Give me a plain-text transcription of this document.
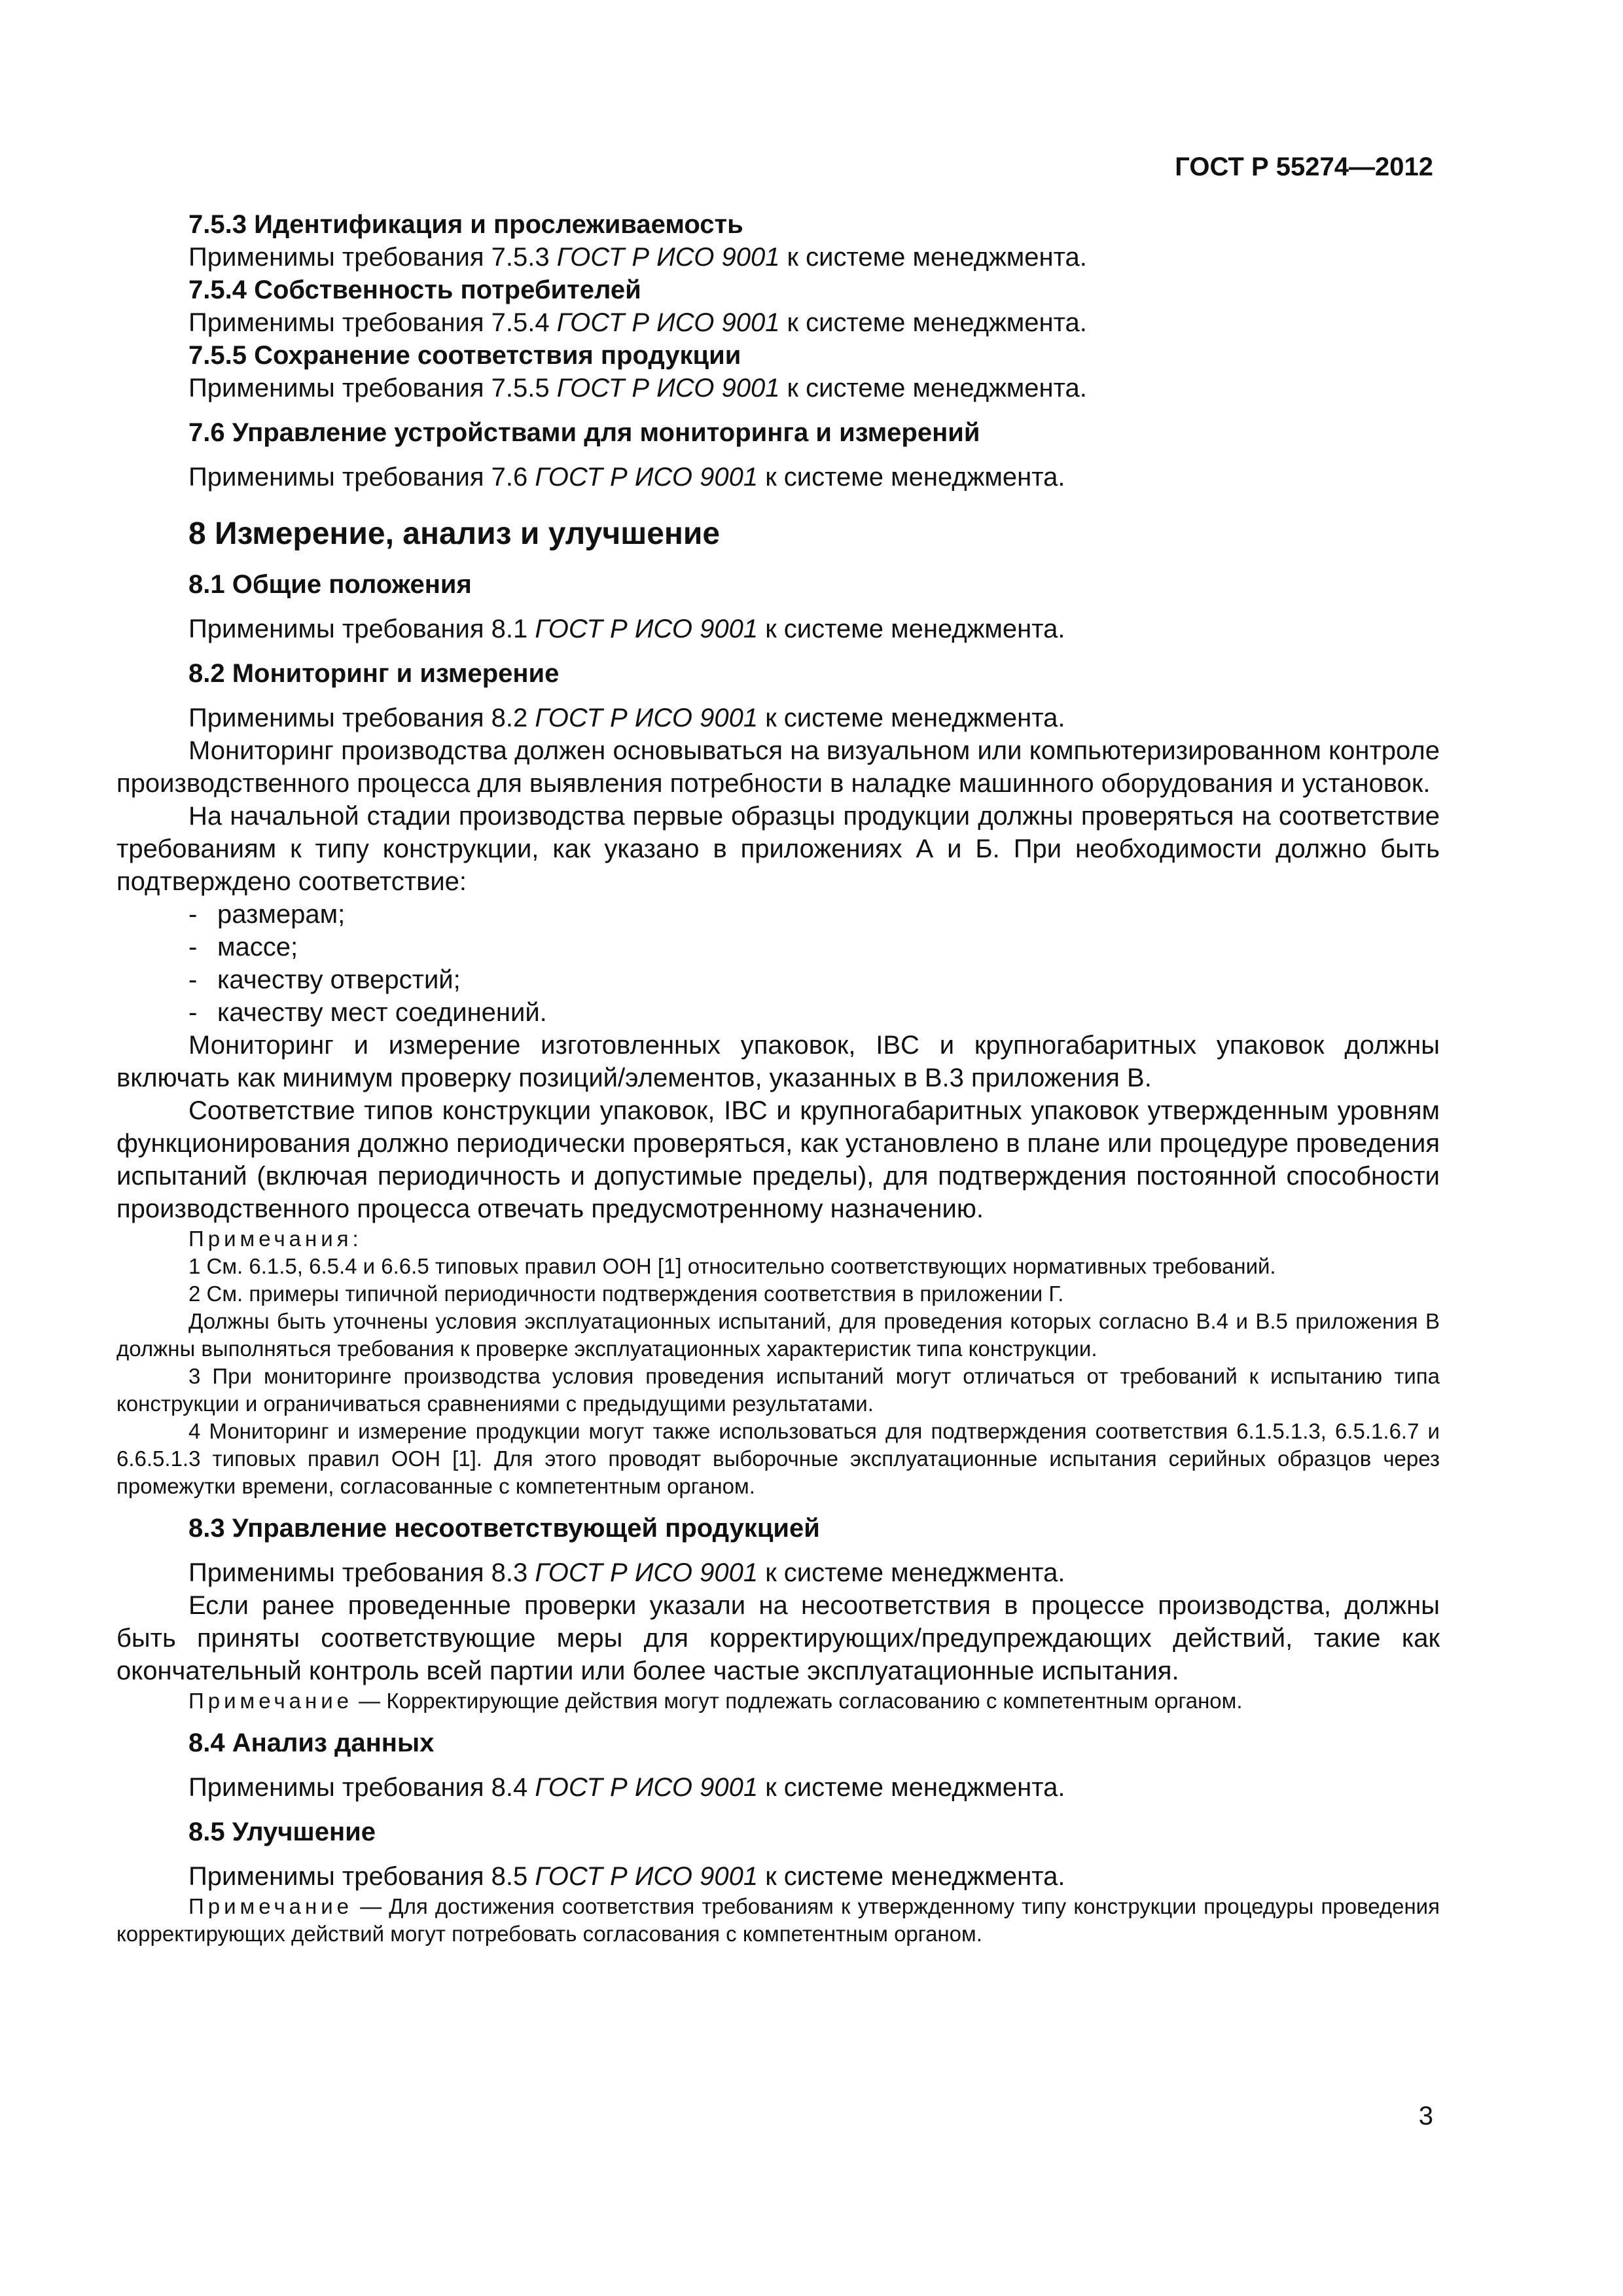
ГОСТ Р 55274—2012
7.5.3 Идентификация и прослеживаемость

Применимы требования 7.5.3 ГОСТ Р ИСО 9001 к системе менеджмента.

7.5.4 Собственность потребителей

Применимы требования 7.5.4 ГОСТ Р ИСО 9001 к системе менеджмента.

7.5.5 Сохранение соответствия продукции

Применимы требования 7.5.5 ГОСТ Р ИСО 9001 к системе менеджмента.

7.6 Управление устройствами для мониторинга и измерений

Применимы требования 7.6 ГОСТ Р ИСО 9001 к системе менеджмента.

8 Измерение, анализ и улучшение
8.1 Общие положения

Применимы требования 8.1 ГОСТ Р ИСО 9001 к системе менеджмента.

8.2 Мониторинг и измерение

Применимы требования 8.2 ГОСТ Р ИСО 9001 к системе менеджмента.

Мониторинг производства должен основываться на визуальном или компьютеризированном контроле производственного процесса для выявления потребности в наладке машинного оборудования и установок.

На начальной стадии производства первые образцы продукции должны проверяться на соответствие требованиям к типу конструкции, как указано в приложениях А и Б. При необходимости должно быть подтверждено соответствие:

- размерам;
- массе;
- качеству отверстий;
- качеству мест соединений.

Мониторинг и измерение изготовленных упаковок, IBC и крупногабаритных упаковок должны включать как минимум проверку позиций/элементов, указанных в В.3 приложения В.

Соответствие типов конструкции упаковок, IBC и крупногабаритных упаковок утвержденным уровням функционирования должно периодически проверяться, как установлено в плане или процедуре проведения испытаний (включая периодичность и допустимые пределы), для подтверждения постоянной способности производственного процесса отвечать предусмотренному назначению.

Примечания:

1 См. 6.1.5, 6.5.4 и 6.6.5 типовых правил ООН [1] относительно соответствующих нормативных требований.

2 См. примеры типичной периодичности подтверждения соответствия в приложении Г.

Должны быть уточнены условия эксплуатационных испытаний, для проведения которых согласно В.4 и В.5 приложения В должны выполняться требования к проверке эксплуатационных характеристик типа конструкции.

3 При мониторинге производства условия проведения испытаний могут отличаться от требований к испытанию типа конструкции и ограничиваться сравнениями с предыдущими результатами.

4 Мониторинг и измерение продукции могут также использоваться для подтверждения соответствия 6.1.5.1.3, 6.5.1.6.7 и 6.6.5.1.3 типовых правил ООН [1]. Для этого проводят выборочные эксплуатационные испытания серийных образцов через промежутки времени, согласованные с компетентным органом.

8.3 Управление несоответствующей продукцией

Применимы требования 8.3 ГОСТ Р ИСО 9001 к системе менеджмента.

Если ранее проведенные проверки указали на несоответствия в процессе производства, должны быть приняты соответствующие меры для корректирующих/предупреждающих действий, такие как окончательный контроль всей партии или более частые эксплуатационные испытания.

Примечание — Корректирующие действия могут подлежать согласованию с компетентным органом.

8.4 Анализ данных

Применимы требования 8.4 ГОСТ Р ИСО 9001 к системе менеджмента.

8.5 Улучшение

Применимы требования 8.5 ГОСТ Р ИСО 9001 к системе менеджмента.

Примечание — Для достижения соответствия требованиям к утвержденному типу конструкции процедуры проведения корректирующих действий могут потребовать согласования с компетентным органом.

3
